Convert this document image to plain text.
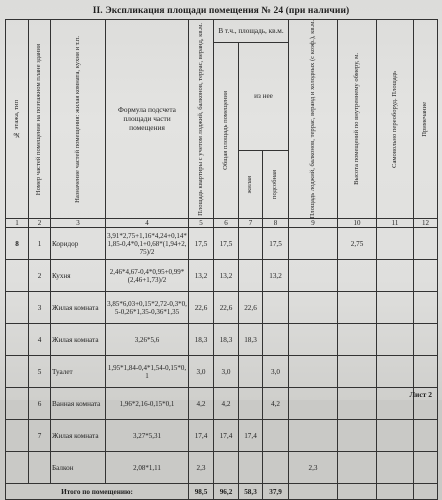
II. Экспликация площади помещения № 24 (при наличии)
№ этажа, тип	Номер частей помещения на поэтажном плане здания	Назначение частей помещения: жилая комната, кухня и т.п.	Формула подсчета площади части помещения	Площадь квартиры с учетом лоджий, балконов, террас, веранд, кв.м.	В т.ч., площадь, кв.м.			Площадь лоджий, балконов, террас, веранд и холодных (с коэф.), кв.м.	Высота помещений по внутреннему обмеру, м.	Самовольно переоборуд. Площадь	Примечание

					Общая площадь помещения	из нее					

						жилая	подсобная				

1	2	3	4	5	6	7	8	9	10	11	12
8	1	Коридор	3,91*2,75+1,16*4,24+0,14*1,85-0,4*0,1+0,68*(1,94+2,75)/2	17,5	17,5		17,5		2,75		
	2	Кухня	2,46*4,67-0,4*0,95+0,99*(2,46+1,73)/2	13,2	13,2		13,2				
	3	Жилая комната	3,85*6,03+0,15*2,72-0,3*0,5-0,26*1,35-0,36*1,35	22,6	22,6	22,6					
	4	Жилая комната	3,26*5,6	18,3	18,3	18,3					
	5	Туалет	1,95*1,84-0,4*1,54-0,15*0,1	3,0	3,0		3,0				
	6	Ванная комната	1,96*2,16-0,15*0,1	4,2	4,2		4,2				
	7	Жилая комната	3,27*5,31	17,4	17,4	17,4					
		Балкон	2,08*1,11	2,3				2,3			
Итого по помещению:				98,5	96,2	58,3	37,9				
Лист 2
